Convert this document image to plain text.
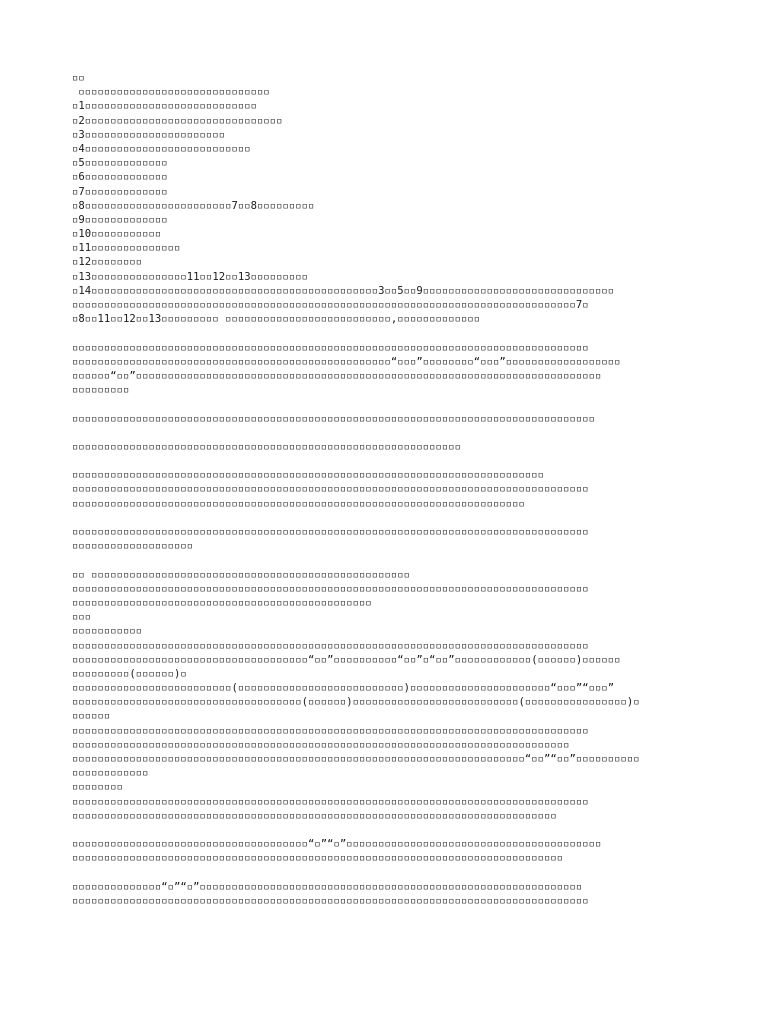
▫▫
▫▫▫▫▫▫▫▫▫▫▫▫▫▫▫▫▫▫▫▫▫▫▫▫▫▫▫▫▫▫
▫1▫▫▫▫▫▫▫▫▫▫▫▫▫▫▫▫▫▫▫▫▫▫▫▫▫▫▫
▫2▫▫▫▫▫▫▫▫▫▫▫▫▫▫▫▫▫▫▫▫▫▫▫▫▫▫▫▫▫▫▫
▫3▫▫▫▫▫▫▫▫▫▫▫▫▫▫▫▫▫▫▫▫▫▫
▫4▫▫▫▫▫▫▫▫▫▫▫▫▫▫▫▫▫▫▫▫▫▫▫▫▫▫
▫5▫▫▫▫▫▫▫▫▫▫▫▫▫
▫6▫▫▫▫▫▫▫▫▫▫▫▫▫
▫7▫▫▫▫▫▫▫▫▫▫▫▫▫
▫8▫▫▫▫▫▫▫▫▫▫▫▫▫▫▫▫▫▫▫▫▫▫▫7▫▫8▫▫▫▫▫▫▫▫▫
▫9▫▫▫▫▫▫▫▫▫▫▫▫▫
▫10▫▫▫▫▫▫▫▫▫▫▫
▫11▫▫▫▫▫▫▫▫▫▫▫▫▫▫
▫12▫▫▫▫▫▫▫▫
▫13▫▫▫▫▫▫▫▫▫▫▫▫▫▫▫11▫▫12▫▫13▫▫▫▫▫▫▫▫▫
▫14▫▫▫▫▫▫▫▫▫▫▫▫▫▫▫▫▫▫▫▫▫▫▫▫▫▫▫▫▫▫▫▫▫▫▫▫▫▫▫▫▫▫▫▫▫3▫▫5▫▫9▫▫▫▫▫▫▫▫▫▫▫▫▫▫▫▫▫▫▫▫▫▫▫▫▫▫▫▫▫▫
▫▫▫▫▫▫▫▫▫▫▫▫▫▫▫▫▫▫▫▫▫▫▫▫▫▫▫▫▫▫▫▫▫▫▫▫▫▫▫▫▫▫▫▫▫▫▫▫▫▫▫▫▫▫▫▫▫▫▫▫▫▫▫▫▫▫▫▫▫▫▫▫▫▫▫▫▫▫▫7▫
▫8▫▫11▫▫12▫▫13▫▫▫▫▫▫▫▫▫ ▫▫▫▫▫▫▫▫▫▫▫▫▫▫▫▫▫▫▫▫▫▫▫▫▫▫,▫▫▫▫▫▫▫▫▫▫▫▫▫
▫▫▫▫▫▫▫▫▫▫▫▫▫▫▫▫▫▫▫▫▫▫▫▫▫▫▫▫▫▫▫▫▫▫▫▫▫▫▫▫▫▫▫▫▫▫▫▫▫▫▫▫▫▫▫▫▫▫▫▫▫▫▫▫▫▫▫▫▫▫▫▫▫▫▫▫▫▫▫▫▫
▫▫▫▫▫▫▫▫▫▫▫▫▫▫▫▫▫▫▫▫▫▫▫▫▫▫▫▫▫▫▫▫▫▫▫▫▫▫▫▫▫▫▫▫▫▫▫▫▫▫“▫▫▫”▫▫▫▫▫▫▫▫“▫▫▫”▫▫▫▫▫▫▫▫▫▫▫▫▫▫▫▫▫▫
▫▫▫▫▫▫“▫▫”▫▫▫▫▫▫▫▫▫▫▫▫▫▫▫▫▫▫▫▫▫▫▫▫▫▫▫▫▫▫▫▫▫▫▫▫▫▫▫▫▫▫▫▫▫▫▫▫▫▫▫▫▫▫▫▫▫▫▫▫▫▫▫▫▫▫▫▫▫▫▫▫▫
▫▫▫▫▫▫▫▫▫
▫▫▫▫▫▫▫▫▫▫▫▫▫▫▫▫▫▫▫▫▫▫▫▫▫▫▫▫▫▫▫▫▫▫▫▫▫▫▫▫▫▫▫▫▫▫▫▫▫▫▫▫▫▫▫▫▫▫▫▫▫▫▫▫▫▫▫▫▫▫▫▫▫▫▫▫▫▫▫▫▫▫
▫▫▫▫▫▫▫▫▫▫▫▫▫▫▫▫▫▫▫▫▫▫▫▫▫▫▫▫▫▫▫▫▫▫▫▫▫▫▫▫▫▫▫▫▫▫▫▫▫▫▫▫▫▫▫▫▫▫▫▫▫
▫▫▫▫▫▫▫▫▫▫▫▫▫▫▫▫▫▫▫▫▫▫▫▫▫▫▫▫▫▫▫▫▫▫▫▫▫▫▫▫▫▫▫▫▫▫▫▫▫▫▫▫▫▫▫▫▫▫▫▫▫▫▫▫▫▫▫▫▫▫▫▫▫▫
▫▫▫▫▫▫▫▫▫▫▫▫▫▫▫▫▫▫▫▫▫▫▫▫▫▫▫▫▫▫▫▫▫▫▫▫▫▫▫▫▫▫▫▫▫▫▫▫▫▫▫▫▫▫▫▫▫▫▫▫▫▫▫▫▫▫▫▫▫▫▫▫▫▫▫▫▫▫▫▫▫
▫▫▫▫▫▫▫▫▫▫▫▫▫▫▫▫▫▫▫▫▫▫▫▫▫▫▫▫▫▫▫▫▫▫▫▫▫▫▫▫▫▫▫▫▫▫▫▫▫▫▫▫▫▫▫▫▫▫▫▫▫▫▫▫▫▫▫▫▫▫▫
▫▫▫▫▫▫▫▫▫▫▫▫▫▫▫▫▫▫▫▫▫▫▫▫▫▫▫▫▫▫▫▫▫▫▫▫▫▫▫▫▫▫▫▫▫▫▫▫▫▫▫▫▫▫▫▫▫▫▫▫▫▫▫▫▫▫▫▫▫▫▫▫▫▫▫▫▫▫▫▫▫
▫▫▫▫▫▫▫▫▫▫▫▫▫▫▫▫▫▫▫
▫▫ ▫▫▫▫▫▫▫▫▫▫▫▫▫▫▫▫▫▫▫▫▫▫▫▫▫▫▫▫▫▫▫▫▫▫▫▫▫▫▫▫▫▫▫▫▫▫▫▫▫▫
▫▫▫▫▫▫▫▫▫▫▫▫▫▫▫▫▫▫▫▫▫▫▫▫▫▫▫▫▫▫▫▫▫▫▫▫▫▫▫▫▫▫▫▫▫▫▫▫▫▫▫▫▫▫▫▫▫▫▫▫▫▫▫▫▫▫▫▫▫▫▫▫▫▫▫▫▫▫▫▫▫
▫▫▫▫▫▫▫▫▫▫▫▫▫▫▫▫▫▫▫▫▫▫▫▫▫▫▫▫▫▫▫▫▫▫▫▫▫▫▫▫▫▫▫▫▫▫▫
▫▫▫
▫▫▫▫▫▫▫▫▫▫▫
▫▫▫▫▫▫▫▫▫▫▫▫▫▫▫▫▫▫▫▫▫▫▫▫▫▫▫▫▫▫▫▫▫▫▫▫▫▫▫▫▫▫▫▫▫▫▫▫▫▫▫▫▫▫▫▫▫▫▫▫▫▫▫▫▫▫▫▫▫▫▫▫▫▫▫▫▫▫▫▫▫
▫▫▫▫▫▫▫▫▫▫▫▫▫▫▫▫▫▫▫▫▫▫▫▫▫▫▫▫▫▫▫▫▫▫▫▫▫“▫▫”▫▫▫▫▫▫▫▫▫▫“▫▫”▫“▫▫”▫▫▫▫▫▫▫▫▫▫▫▫(▫▫▫▫▫▫)▫▫▫▫▫▫
▫▫▫▫▫▫▫▫▫(▫▫▫▫▫▫)▫
▫▫▫▫▫▫▫▫▫▫▫▫▫▫▫▫▫▫▫▫▫▫▫▫▫(▫▫▫▫▫▫▫▫▫▫▫▫▫▫▫▫▫▫▫▫▫▫▫▫▫▫)▫▫▫▫▫▫▫▫▫▫▫▫▫▫▫▫▫▫▫▫▫▫“▫▫▫”“▫▫▫”
▫▫▫▫▫▫▫▫▫▫▫▫▫▫▫▫▫▫▫▫▫▫▫▫▫▫▫▫▫▫▫▫▫▫▫▫(▫▫▫▫▫▫)▫▫▫▫▫▫▫▫▫▫▫▫▫▫▫▫▫▫▫▫▫▫▫▫▫▫(▫▫▫▫▫▫▫▫▫▫▫▫▫▫▫▫)▫
▫▫▫▫▫▫
▫▫▫▫▫▫▫▫▫▫▫▫▫▫▫▫▫▫▫▫▫▫▫▫▫▫▫▫▫▫▫▫▫▫▫▫▫▫▫▫▫▫▫▫▫▫▫▫▫▫▫▫▫▫▫▫▫▫▫▫▫▫▫▫▫▫▫▫▫▫▫▫▫▫▫▫▫▫▫▫▫
▫▫▫▫▫▫▫▫▫▫▫▫▫▫▫▫▫▫▫▫▫▫▫▫▫▫▫▫▫▫▫▫▫▫▫▫▫▫▫▫▫▫▫▫▫▫▫▫▫▫▫▫▫▫▫▫▫▫▫▫▫▫▫▫▫▫▫▫▫▫▫▫▫▫▫▫▫▫
▫▫▫▫▫▫▫▫▫▫▫▫▫▫▫▫▫▫▫▫▫▫▫▫▫▫▫▫▫▫▫▫▫▫▫▫▫▫▫▫▫▫▫▫▫▫▫▫▫▫▫▫▫▫▫▫▫▫▫▫▫▫▫▫▫▫▫▫▫▫▫“▫▫”“▫▫”▫▫▫▫▫▫▫▫▫▫
▫▫▫▫▫▫▫▫▫▫▫▫
▫▫▫▫▫▫▫▫
▫▫▫▫▫▫▫▫▫▫▫▫▫▫▫▫▫▫▫▫▫▫▫▫▫▫▫▫▫▫▫▫▫▫▫▫▫▫▫▫▫▫▫▫▫▫▫▫▫▫▫▫▫▫▫▫▫▫▫▫▫▫▫▫▫▫▫▫▫▫▫▫▫▫▫▫▫▫▫▫▫
▫▫▫▫▫▫▫▫▫▫▫▫▫▫▫▫▫▫▫▫▫▫▫▫▫▫▫▫▫▫▫▫▫▫▫▫▫▫▫▫▫▫▫▫▫▫▫▫▫▫▫▫▫▫▫▫▫▫▫▫▫▫▫▫▫▫▫▫▫▫▫▫▫▫▫▫
▫▫▫▫▫▫▫▫▫▫▫▫▫▫▫▫▫▫▫▫▫▫▫▫▫▫▫▫▫▫▫▫▫▫▫▫▫“▫”“▫”▫▫▫▫▫▫▫▫▫▫▫▫▫▫▫▫▫▫▫▫▫▫▫▫▫▫▫▫▫▫▫▫▫▫▫▫▫▫▫▫
▫▫▫▫▫▫▫▫▫▫▫▫▫▫▫▫▫▫▫▫▫▫▫▫▫▫▫▫▫▫▫▫▫▫▫▫▫▫▫▫▫▫▫▫▫▫▫▫▫▫▫▫▫▫▫▫▫▫▫▫▫▫▫▫▫▫▫▫▫▫▫▫▫▫▫▫▫
▫▫▫▫▫▫▫▫▫▫▫▫▫▫“▫”“▫”▫▫▫▫▫▫▫▫▫▫▫▫▫▫▫▫▫▫▫▫▫▫▫▫▫▫▫▫▫▫▫▫▫▫▫▫▫▫▫▫▫▫▫▫▫▫▫▫▫▫▫▫▫▫▫▫▫▫▫▫
▫▫▫▫▫▫▫▫▫▫▫▫▫▫▫▫▫▫▫▫▫▫▫▫▫▫▫▫▫▫▫▫▫▫▫▫▫▫▫▫▫▫▫▫▫▫▫▫▫▫▫▫▫▫▫▫▫▫▫▫▫▫▫▫▫▫▫▫▫▫▫▫▫▫▫▫▫▫▫▫▫
